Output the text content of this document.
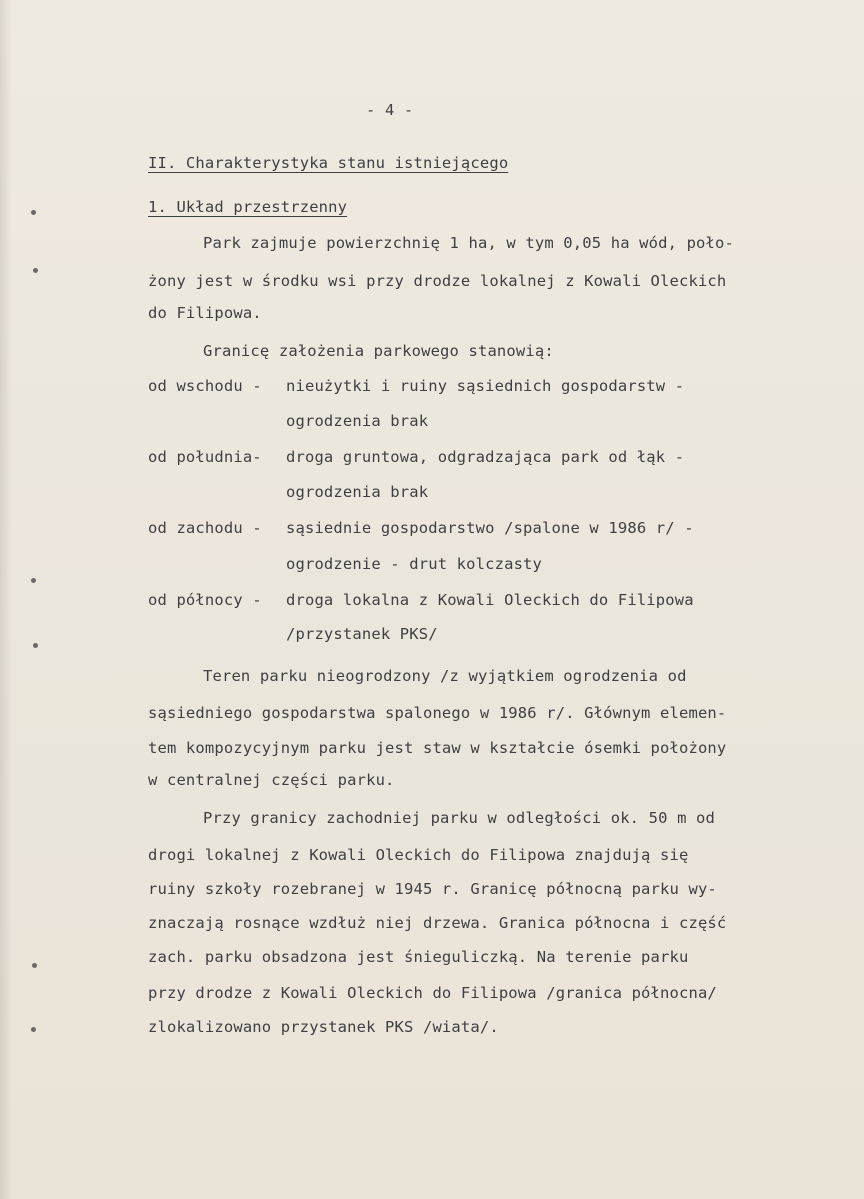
- 4 -
II. Charakterystyka stanu istniejącego
1. Układ przestrzenny
Park zajmuje powierzchnię 1 ha, w tym 0,05 ha wód, poło-
żony jest w środku wsi przy drodze lokalnej z Kowali Oleckich
do Filipowa.
Granicę założenia parkowego stanowią:
od wschodu - nieużytki i ruiny sąsiednich gospodarstw -
ogrodzenia brak
od południa- droga gruntowa, odgradzająca park od łąk -
ogrodzenia brak
od zachodu - sąsiednie gospodarstwo /spalone w 1986 r/ -
ogrodzenie - drut kolczasty
od północy - droga lokalna z Kowali Oleckich do Filipowa
/przystanek PKS/
Teren parku nieogrodzony /z wyjątkiem ogrodzenia od
sąsiedniego gospodarstwa spalonego w 1986 r/. Głównym elemen-
tem kompozycyjnym parku jest staw w kształcie ósemki położony
w centralnej części parku.
Przy granicy zachodniej parku w odległości ok. 50 m od
drogi lokalnej z Kowali Oleckich do Filipowa znajdują się
ruiny szkoły rozebranej w 1945 r. Granicę północną parku wy-
znaczają rosnące wzdłuż niej drzewa. Granica północna i część
zach. parku obsadzona jest śnieguliczką. Na terenie parku
przy drodze z Kowali Oleckich do Filipowa /granica północna/
zlokalizowano przystanek PKS /wiata/.
